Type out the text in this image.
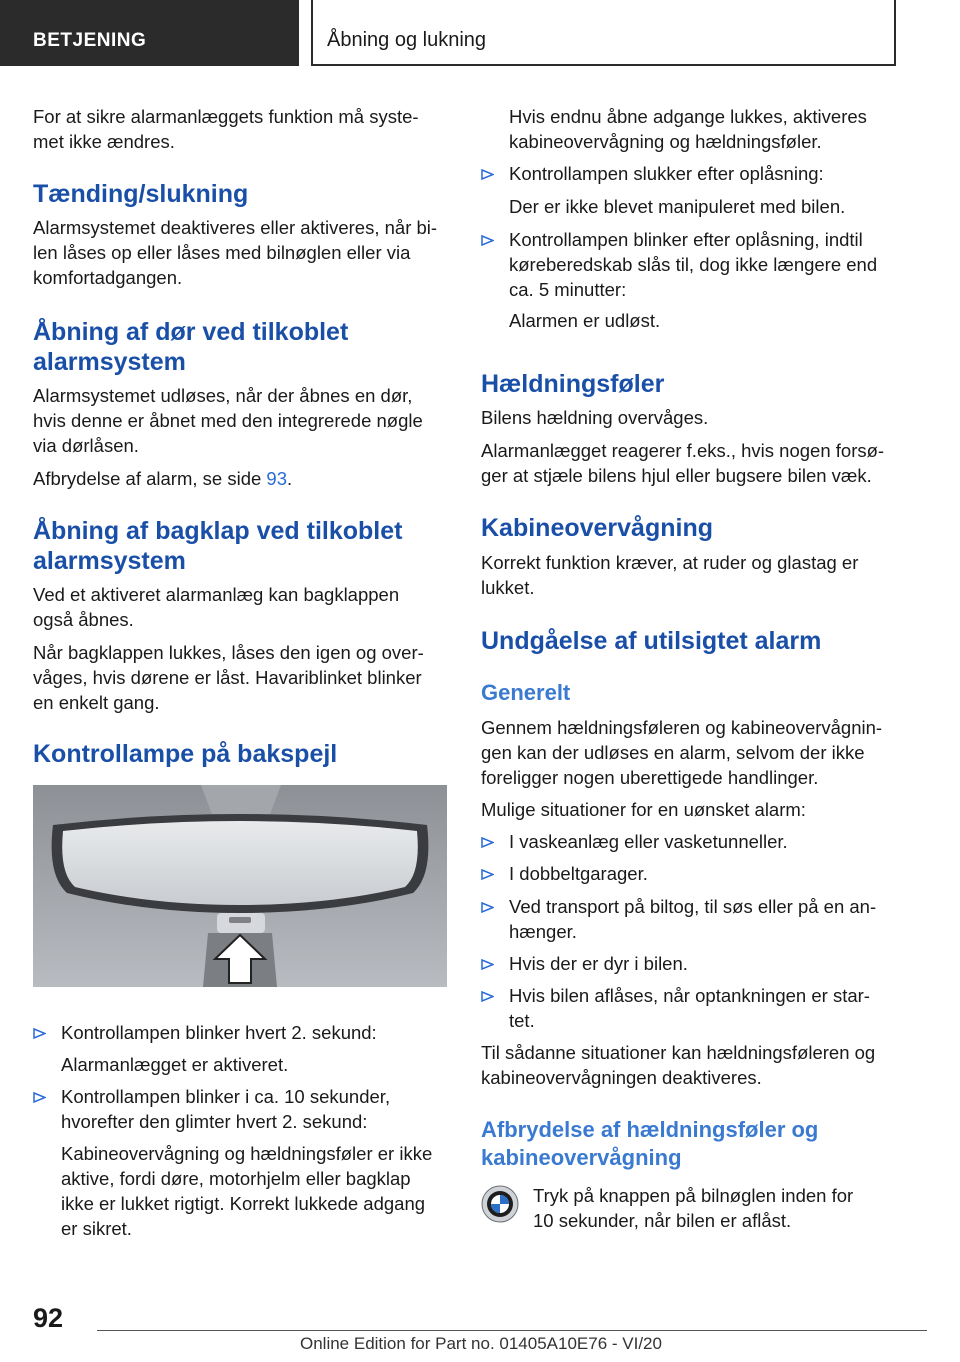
BETJENING	Åbning og lukning

For at sikre alarmanlæggets funktion må syste-
met ikke ændres.

Tænding/slukning

Alarmsystemet deaktiveres eller aktiveres, når bi-
len låses op eller låses med bilnøglen eller via
komfortadgangen.

Åbning af dør ved tilkoblet
alarmsystem

Alarmsystemet udløses, når der åbnes en dør,
hvis denne er åbnet med den integrerede nøgle
via dørlåsen.

Afbrydelse af alarm, se side 93.

Åbning af bagklap ved tilkoblet
alarmsystem

Ved et aktiveret alarmanlæg kan bagklappen
også åbnes.

Når bagklappen lukkes, låses den igen og over-
våges, hvis dørene er låst. Havariblinket blinker
en enkelt gang.

Kontrollampe på bakspejl

Kontrollampen blinker hvert 2. sekund:

Alarmanlægget er aktiveret.

Kontrollampen blinker i ca. 10 sekunder,
hvorefter den glimter hvert 2. sekund:

Kabineovervågning og hældningsføler er ikke
aktive, fordi døre, motorhjelm eller bagklap
ikke er lukket rigtigt. Korrekt lukkede adgang
er sikret.

Hvis endnu åbne adgange lukkes, aktiveres
kabineovervågning og hældningsføler.

Kontrollampen slukker efter oplåsning:

Der er ikke blevet manipuleret med bilen.

Kontrollampen blinker efter oplåsning, indtil
køreberedskab slås til, dog ikke længere end
ca. 5 minutter:

Alarmen er udløst.

Hældningsføler

Bilens hældning overvåges.

Alarmanlægget reagerer f.eks., hvis nogen forsø-
ger at stjæle bilens hjul eller bugsere bilen væk.

Kabineovervågning

Korrekt funktion kræver, at ruder og glastag er
lukket.

Undgåelse af utilsigtet alarm
Generelt

Gennem hældningsføleren og kabineovervågnin-
gen kan der udløses en alarm, selvom der ikke
foreligger nogen uberettigede handlinger.

Mulige situationer for en uønsket alarm:

I vaskeanlæg eller vasketunneller.

I dobbeltgarager.

Ved transport på biltog, til søs eller på en an-
hænger.

Hvis der er dyr i bilen.

Hvis bilen aflåses, når optankningen er star-
tet.

Til sådanne situationer kan hældningsføleren og
kabineovervågningen deaktiveres.

Afbrydelse af hældningsføler og
kabineovervågning

Tryk på knappen på bilnøglen inden for
10 sekunder, når bilen er aflåst.

92
Online Edition for Part no. 01405A10E76 - VI/20
